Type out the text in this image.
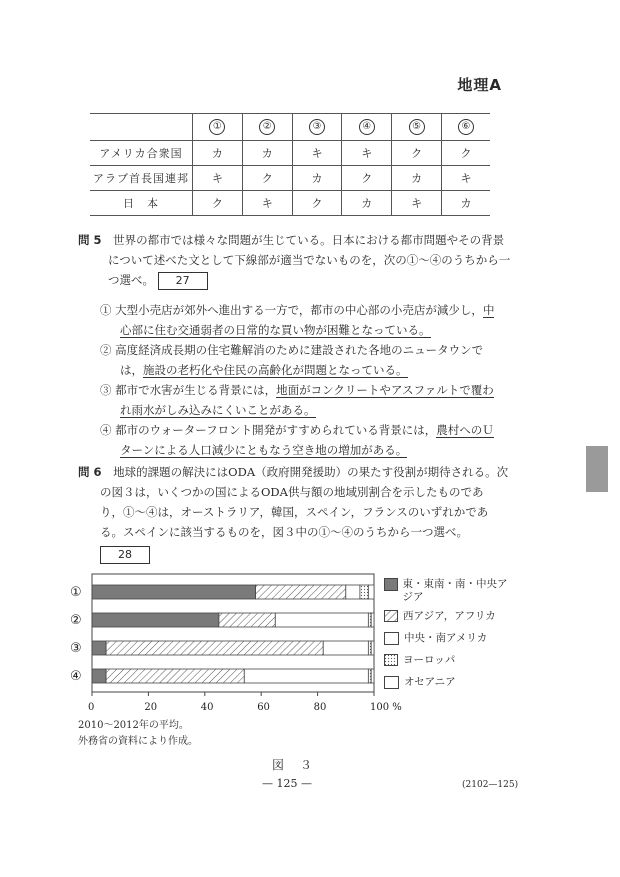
地理A
	①	②	③	④	⑤	⑥
アメリカ合衆国	カ	カ	キ	キ	ク	ク
アラブ首長国連邦	キ	ク	カ	ク	カ	キ
日　本	ク	キ	ク	カ	キ	カ
問 5 世界の都市では様々な問題が生じている。日本における都市問題やその背景
について述べた文として下線部が適当でないものを，次の①～④のうちから一
つ選べ。 27
① 大型小売店が郊外へ進出する一方で，都市の中心部の小売店が減少し，中
心部に住む交通弱者の日常的な買い物が困難となっている。
② 高度経済成長期の住宅難解消のために建設された各地のニュータウンで
は，施設の老朽化や住民の高齢化が問題となっている。
③ 都市で水害が生じる背景には，地面がコンクリートやアスファルトで覆わ
れ雨水がしみ込みにくいことがある。
④ 都市のウォーターフロント開発がすすめられている背景には，農村へのＵ
ターンによる人口減少にともなう空き地の増加がある。
問 6 地球的課題の解決にはODA（政府開発援助）の果たす役割が期待される。次
の図３は，いくつかの国によるODA供与額の地域別割合を示したものであ
り，①～④は，オーストラリア，韓国，スペイン，フランスのいずれかであ
る。スペインに該当するものを，図３中の①～④のうちから一つ選べ。
28
①
②
③
④
0	20	40	60	80	100 %
東・東南・南・中央アジア
西アジア，アフリカ
中央・南アメリカ
ヨーロッパ
オセアニア
2010～2012年の平均。
外務省の資料により作成。
図　３
— 125 —	(2102—125)
